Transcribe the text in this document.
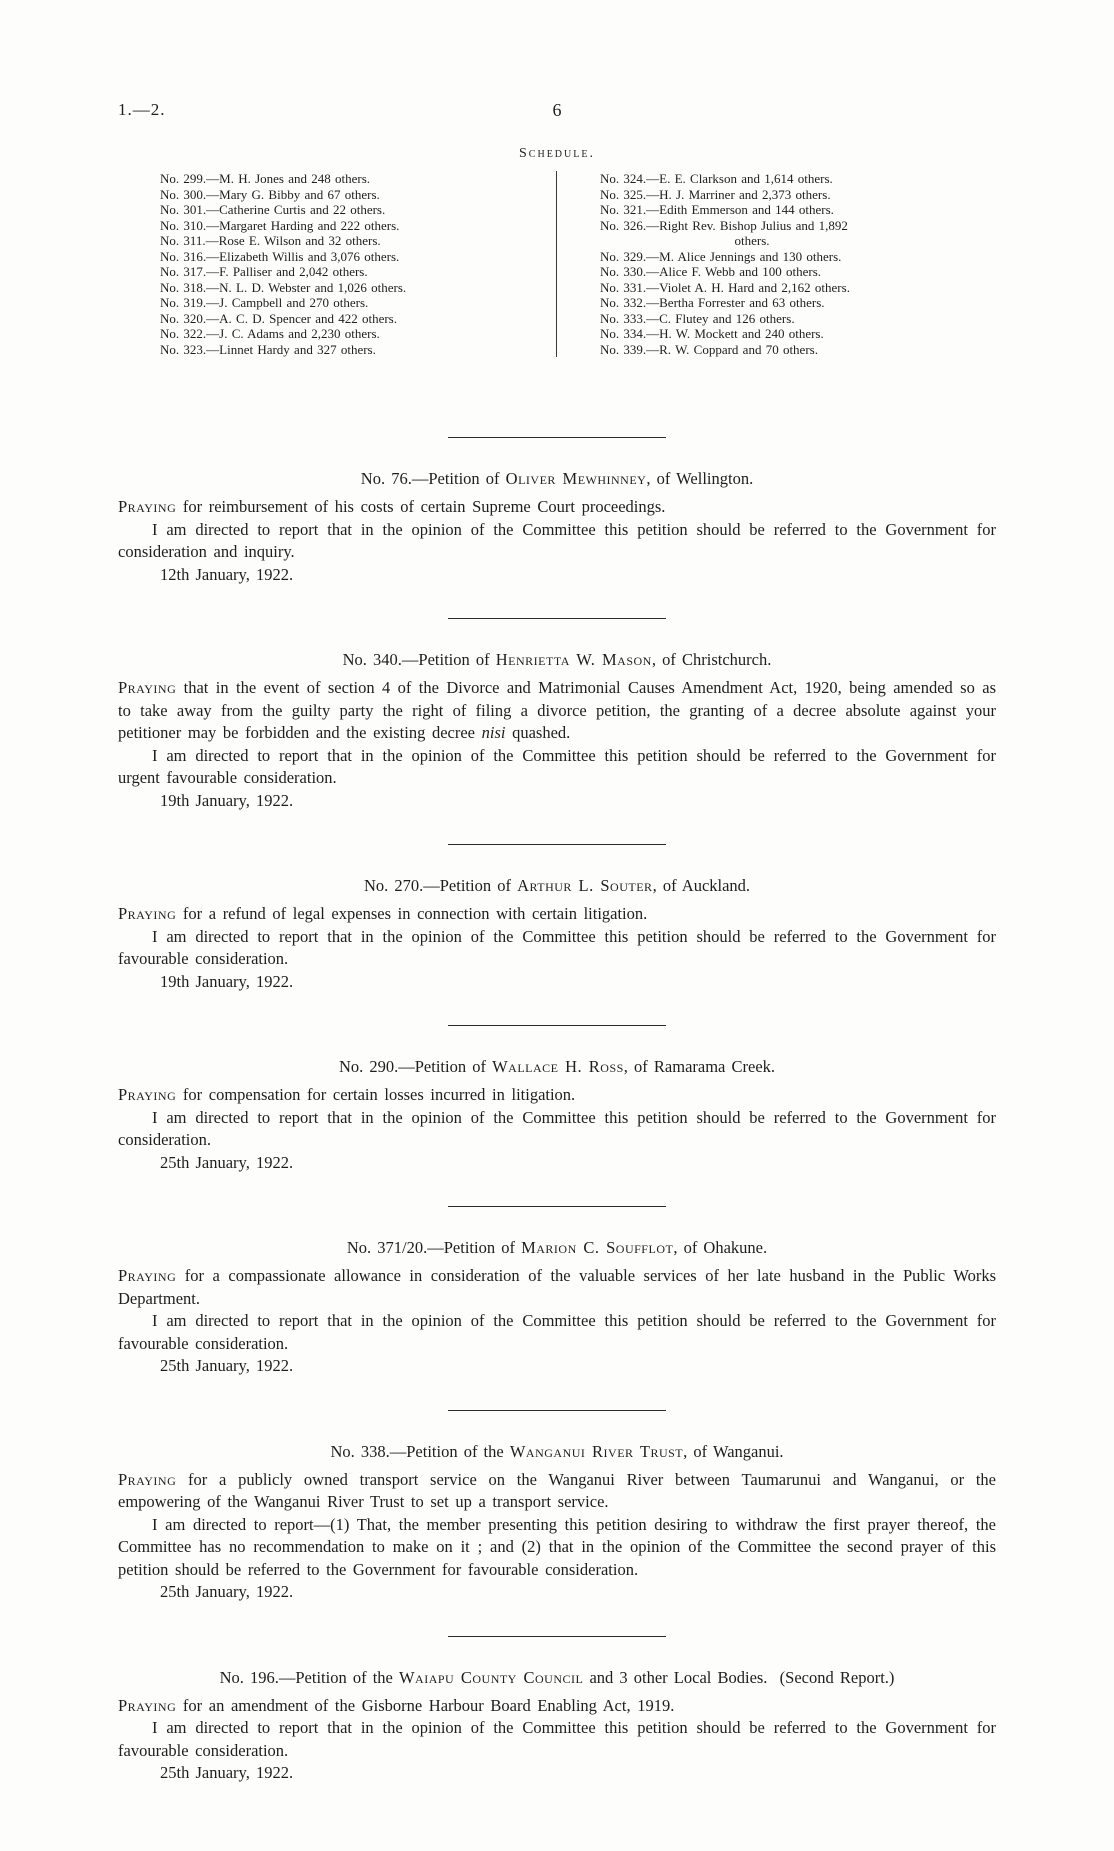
1.—2.	6
Schedule.
No. 299.—M. H. Jones and 248 others.
No. 300.—Mary G. Bibby and 67 others.
No. 301.—Catherine Curtis and 22 others.
No. 310.—Margaret Harding and 222 others.
No. 311.—Rose E. Wilson and 32 others.
No. 316.—Elizabeth Willis and 3,076 others.
No. 317.—F. Palliser and 2,042 others.
No. 318.—N. L. D. Webster and 1,026 others.
No. 319.—J. Campbell and 270 others.
No. 320.—A. C. D. Spencer and 422 others.
No. 322.—J. C. Adams and 2,230 others.
No. 323.—Linnet Hardy and 327 others.
No. 324.—E. E. Clarkson and 1,614 others.
No. 325.—H. J. Marriner and 2,373 others.
No. 321.—Edith Emmerson and 144 others.
No. 326.—Right Rev. Bishop Julius and 1,892
others.
No. 329.—M. Alice Jennings and 130 others.
No. 330.—Alice F. Webb and 100 others.
No. 331.—Violet A. H. Hard and 2,162 others.
No. 332.—Bertha Forrester and 63 others.
No. 333.—C. Flutey and 126 others.
No. 334.—H. W. Mockett and 240 others.
No. 339.—R. W. Coppard and 70 others.
No. 76.—Petition of Oliver Mewhinney, of Wellington.

Praying for reimbursement of his costs of certain Supreme Court proceedings.

I am directed to report that in the opinion of the Committee this petition should be referred to the Government for consideration and inquiry.

12th January, 1922.

No. 340.—Petition of Henrietta W. Mason, of Christchurch.

Praying that in the event of section 4 of the Divorce and Matrimonial Causes Amendment Act, 1920, being amended so as to take away from the guilty party the right of filing a divorce petition, the granting of a decree absolute against your petitioner may be forbidden and the existing decree nisi quashed.

I am directed to report that in the opinion of the Committee this petition should be referred to the Government for urgent favourable consideration.

19th January, 1922.

No. 270.—Petition of Arthur L. Souter, of Auckland.

Praying for a refund of legal expenses in connection with certain litigation.

I am directed to report that in the opinion of the Committee this petition should be referred to the Government for favourable consideration.

19th January, 1922.

No. 290.—Petition of Wallace H. Ross, of Ramarama Creek.

Praying for compensation for certain losses incurred in litigation.

I am directed to report that in the opinion of the Committee this petition should be referred to the Government for consideration.

25th January, 1922.

No. 371/20.—Petition of Marion C. Soufflot, of Ohakune.

Praying for a compassionate allowance in consideration of the valuable services of her late husband in the Public Works Department.

I am directed to report that in the opinion of the Committee this petition should be referred to the Government for favourable consideration.

25th January, 1922.

No. 338.—Petition of the Wanganui River Trust, of Wanganui.

Praying for a publicly owned transport service on the Wanganui River between Taumarunui and Wanganui, or the empowering of the Wanganui River Trust to set up a transport service.

I am directed to report—(1) That, the member presenting this petition desiring to withdraw the first prayer thereof, the Committee has no recommendation to make on it ; and (2) that in the opinion of the Committee the second prayer of this petition should be referred to the Government for favourable consideration.

25th January, 1922.

No. 196.—Petition of the Waiapu County Council and 3 other Local Bodies.  (Second Report.)

Praying for an amendment of the Gisborne Harbour Board Enabling Act, 1919.

I am directed to report that in the opinion of the Committee this petition should be referred to the Government for favourable consideration.

25th January, 1922.
